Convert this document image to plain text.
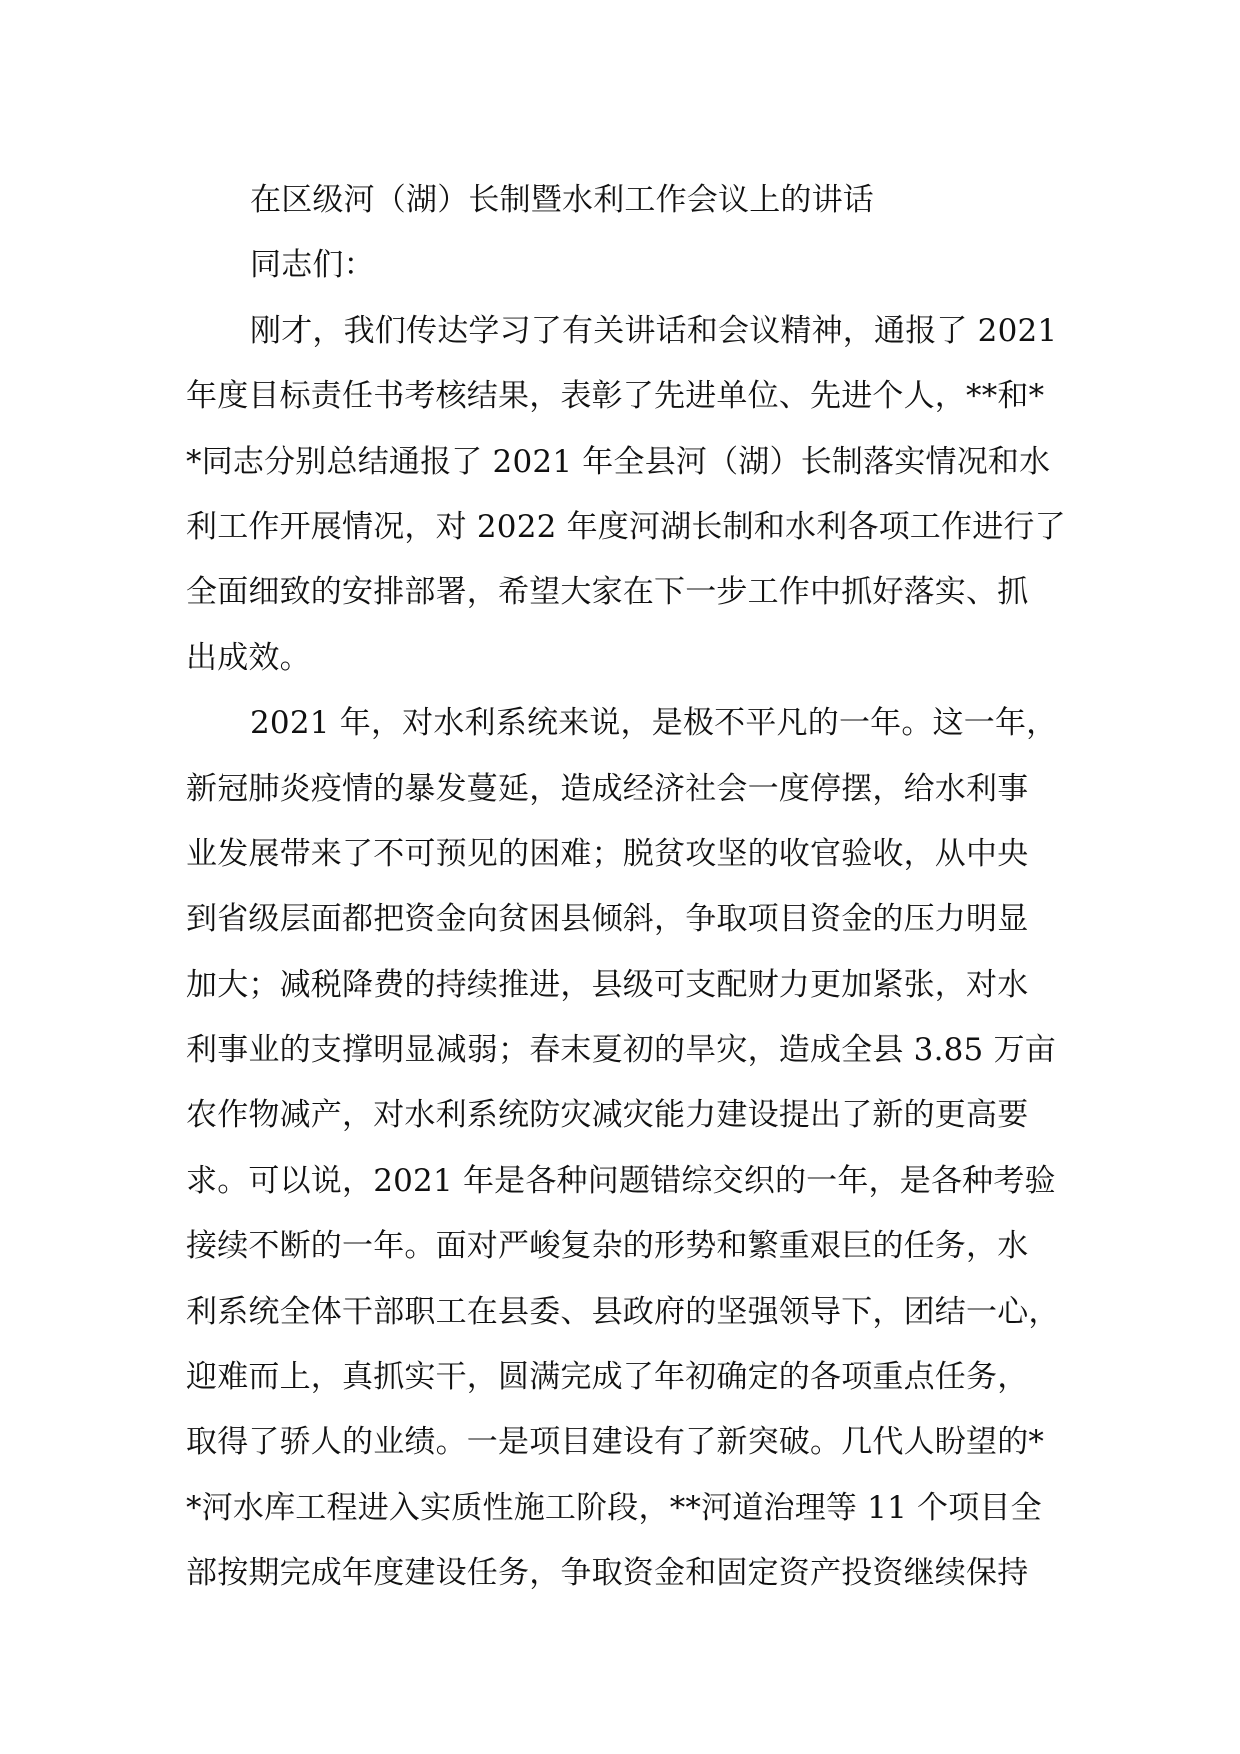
在区级河（湖）长制暨水利工作会议上的讲话
同志们：
刚才，我们传达学习了有关讲话和会议精神，通报了 2021
年度目标责任书考核结果，表彰了先进单位、先进个人，**和*
*同志分别总结通报了 2021 年全县河（湖）长制落实情况和水
利工作开展情况，对 2022 年度河湖长制和水利各项工作进行了
全面细致的安排部署，希望大家在下一步工作中抓好落实、抓
出成效。
2021 年，对水利系统来说，是极不平凡的一年。这一年，
新冠肺炎疫情的暴发蔓延，造成经济社会一度停摆，给水利事
业发展带来了不可预见的困难；脱贫攻坚的收官验收，从中央
到省级层面都把资金向贫困县倾斜，争取项目资金的压力明显
加大；减税降费的持续推进，县级可支配财力更加紧张，对水
利事业的支撑明显减弱；春末夏初的旱灾，造成全县 3.85 万亩
农作物减产，对水利系统防灾减灾能力建设提出了新的更高要
求。可以说，2021 年是各种问题错综交织的一年，是各种考验
接续不断的一年。面对严峻复杂的形势和繁重艰巨的任务，水
利系统全体干部职工在县委、县政府的坚强领导下，团结一心，
迎难而上，真抓实干，圆满完成了年初确定的各项重点任务，
取得了骄人的业绩。一是项目建设有了新突破。几代人盼望的*
*河水库工程进入实质性施工阶段，**河道治理等 11 个项目全
部按期完成年度建设任务，争取资金和固定资产投资继续保持
